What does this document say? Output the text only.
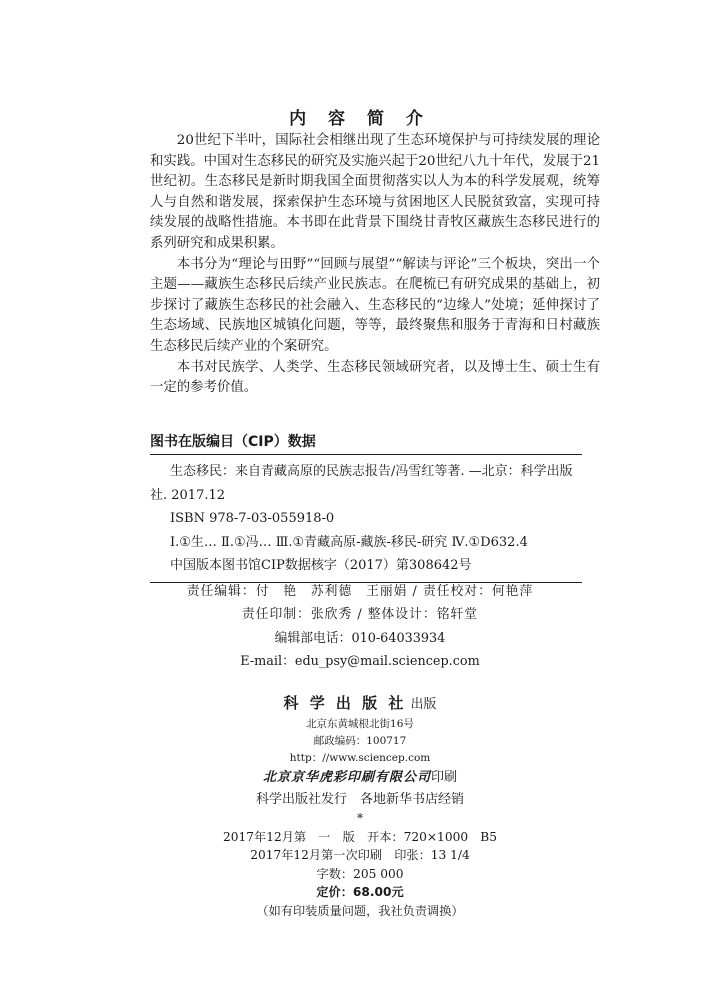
内 容 简 介

20世纪下半叶，国际社会相继出现了生态环境保护与可持续发展的理论和实践。中国对生态移民的研究及实施兴起于20世纪八九十年代，发展于21世纪初。生态移民是新时期我国全面贯彻落实以人为本的科学发展观，统筹人与自然和谐发展，探索保护生态环境与贫困地区人民脱贫致富，实现可持续发展的战略性措施。本书即在此背景下围绕甘青牧区藏族生态移民进行的系列研究和成果积累。

本书分为“理论与田野”“回顾与展望”“解读与评论”三个板块，突出一个主题——藏族生态移民后续产业民族志。在爬梳已有研究成果的基础上，初步探讨了藏族生态移民的社会融入、生态移民的“边缘人”处境；延伸探讨了生态场域、民族地区城镇化问题，等等，最终聚焦和服务于青海和日村藏族生态移民后续产业的个案研究。

本书对民族学、人类学、生态移民领域研究者，以及博士生、硕士生有一定的参考价值。

图书在版编目（CIP）数据
生态移民：来自青藏高原的民族志报告/冯雪红等著. —北京：科学出版社. 2017.12
ISBN 978-7-03-055918-0
Ⅰ.①生… Ⅱ.①冯… Ⅲ.①青藏高原-藏族-移民-研究 Ⅳ.①D632.4
中国版本图书馆CIP数据核字（2017）第308642号
责任编辑：付　艳　苏利德　王丽娟 / 责任校对：何艳萍
责任印制：张欣秀 / 整体设计：铭轩堂
编辑部电话：010-64033934
E-mail：edu_psy@mail.sciencep.com
科 学 出 版 社 出版
北京东黄城根北街16号
邮政编码：100717
http：//www.sciencep.com
北京京华虎彩印刷有限公司印刷
科学出版社发行　各地新华书店经销
*
2017年12月第　一　版　开本：720×1000　B5
2017年12月第一次印刷　印张：13 1/4
字数：205 000
定价：68.00元
（如有印装质量问题，我社负责调换）
